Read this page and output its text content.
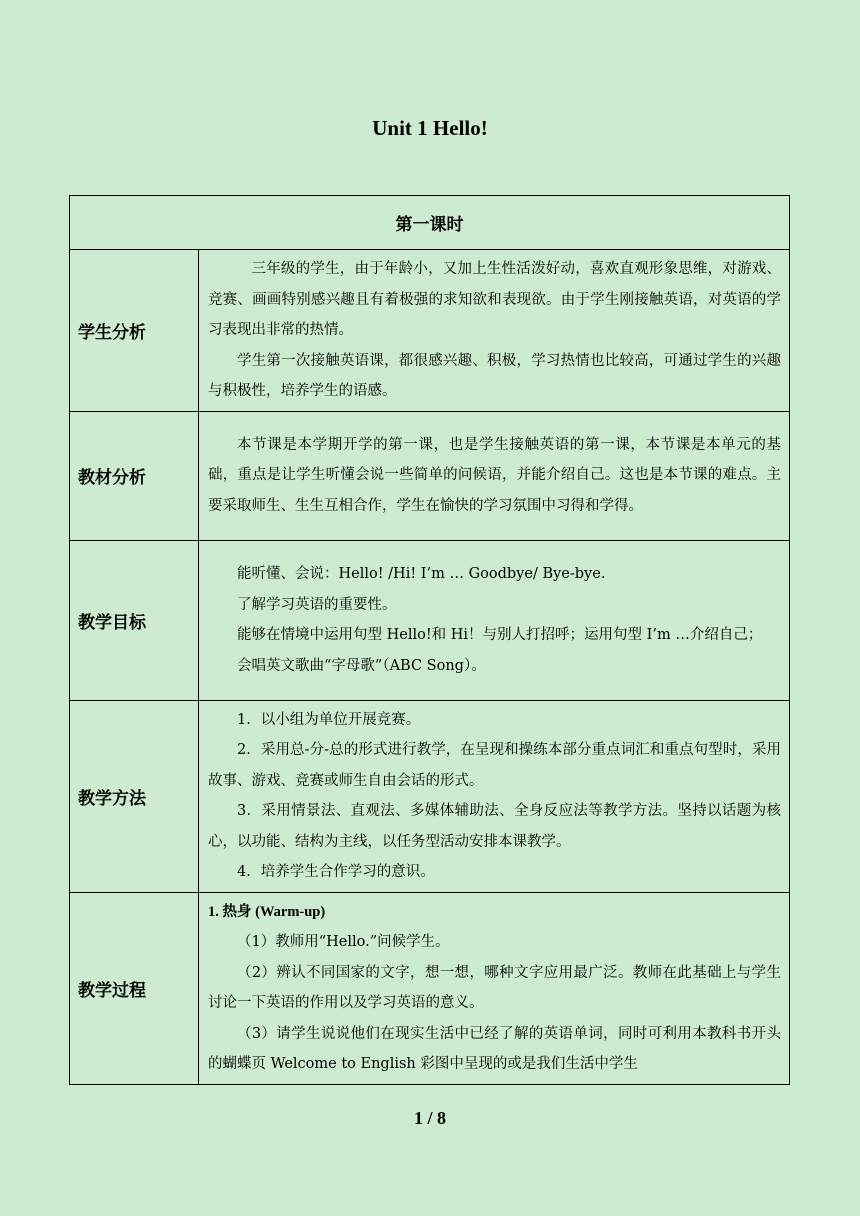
Unit 1 Hello!
第一课时	
学生分析	三年级的学生，由于年龄小，又加上生性活泼好动，喜欢直观形象思维，对游戏、竞赛、画画特别感兴趣且有着极强的求知欲和表现欲。由于学生刚接触英语，对英语的学习表现出非常的热情。

学生第一次接触英语课，都很感兴趣、积极，学习热情也比较高，可通过学生的兴趣与积极性，培养学生的语感。

教材分析	本节课是本学期开学的第一课，也是学生接触英语的第一课，本节课是本单元的基础，重点是让学生听懂会说一些简单的问候语，并能介绍自己。这也是本节课的难点。主要采取师生、生生互相合作，学生在愉快的学习氛围中习得和学得。

教学目标	能听懂、会说：Hello! /Hi! I’m … Goodbye/ Bye-bye.

了解学习英语的重要性。

能够在情境中运用句型 Hello!和 Hi！与别人打招呼；运用句型 I’m …介绍自己；

会唱英文歌曲“字母歌”（ABC Song）。

教学方法	1．以小组为单位开展竞赛。

2．采用总-分-总的形式进行教学，在呈现和操练本部分重点词汇和重点句型时，采用故事、游戏、竞赛或师生自由会话的形式。

3．采用情景法、直观法、多媒体辅助法、全身反应法等教学方法。坚持以话题为核心，以功能、结构为主线，以任务型活动安排本课教学。

4．培养学生合作学习的意识。

教学过程	1. 热身 (Warm-up)

（1）教师用“Hello.”问候学生。

（2）辨认不同国家的文字，想一想，哪种文字应用最广泛。教师在此基础上与学生讨论一下英语的作用以及学习英语的意义。

（3）请学生说说他们在现实生活中已经了解的英语单词，同时可利用本教科书开头的蝴蝶页 Welcome to English 彩图中呈现的或是我们生活中学生

1 / 8
